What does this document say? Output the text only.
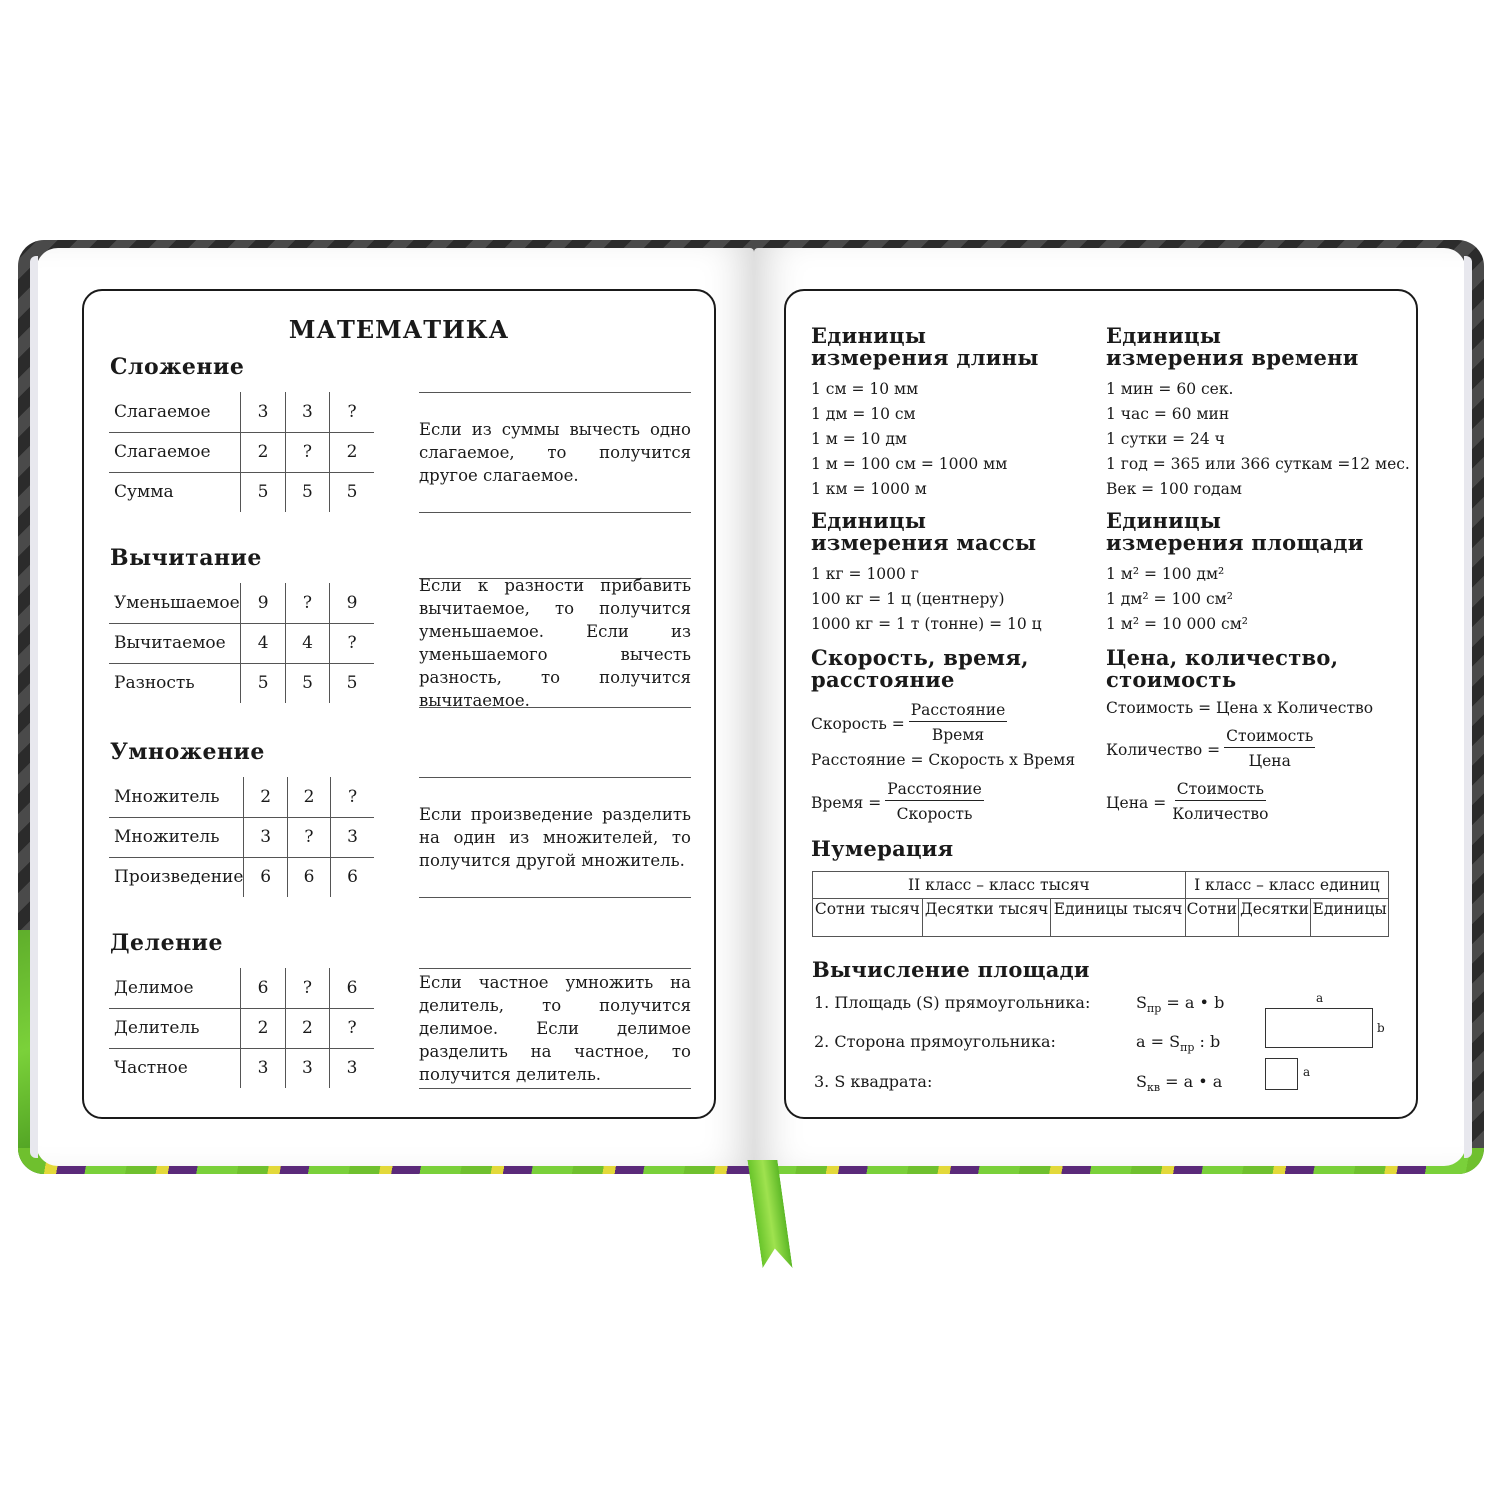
МАТЕМАТИКА
Сложение
Слагаемое	3	3	?
Слагаемое	2	?	2
Сумма	5	5	5

Если из суммы вычесть одно слагаемое, то получится другое слагаемое.

Вычитание
Уменьшаемое	9	?	9
Вычитаемое	4	4	?
Разность	5	5	5

Если к разности прибавить вычитаемое, то получится уменьшаемое. Если из уменьшаемого вычесть разность, то получится вычитаемое.

Умножение
Множитель	2	2	?
Множитель	3	?	3
Произведение	6	6	6

Если произведение разделить на один из множителей, то получится другой множитель.

Деление
Делимое	6	?	6
Делитель	2	2	?
Частное	3	3	3

Если частное умножить на делитель, то получится делимое. Если делимое разделить на частное, то получится делитель.

Единицы измерения длины
1 см = 10 мм
1 дм = 10 см
1 м = 10 дм
1 м = 100 см = 1000 мм
1 км = 1000 м
Единицы измерения времени
1 мин = 60 сек.
1 час = 60 мин
1 сутки = 24 ч
1 год = 365 или 366 суткам =12 мес.
Век = 100 годам
Единицы измерения массы
1 кг = 1000 г
100 кг = 1 ц (центнеру)
1000 кг = 1 т (тонне) = 10 ц
Единицы измерения площади
1 м² = 100 дм²
1 дм² = 100 см²
1 м² = 10 000 см²
Скорость, время, расстояние
Скорость = $\frac{\text{Расстояние}}{\text{Время}}$
Расстояние = Скорость х Время
Время = $\frac{\text{Расстояние}}{\text{Скорость}}$
Цена, количество, стоимость
Стоимость = Цена х Количество
Количество = $\frac{\text{Стоимость}}{\text{Цена}}$
Цена = $\frac{\text{Стоимость}}{\text{Количество}}$
Нумерация
II класс – класс тысяч			I класс – класс единиц		
Сотни тысяч	Десятки тысяч	Единицы тысяч	Сотни	Десятки	Единицы
Вычисление площади
1. Площадь (S) прямоугольника:
2. Сторона прямоугольника:
3. S квадрата:
$S_{пр} = a$ • b
$a = S_{пр}$ : b
$S_{кв} = a$ • a
a
b
a
